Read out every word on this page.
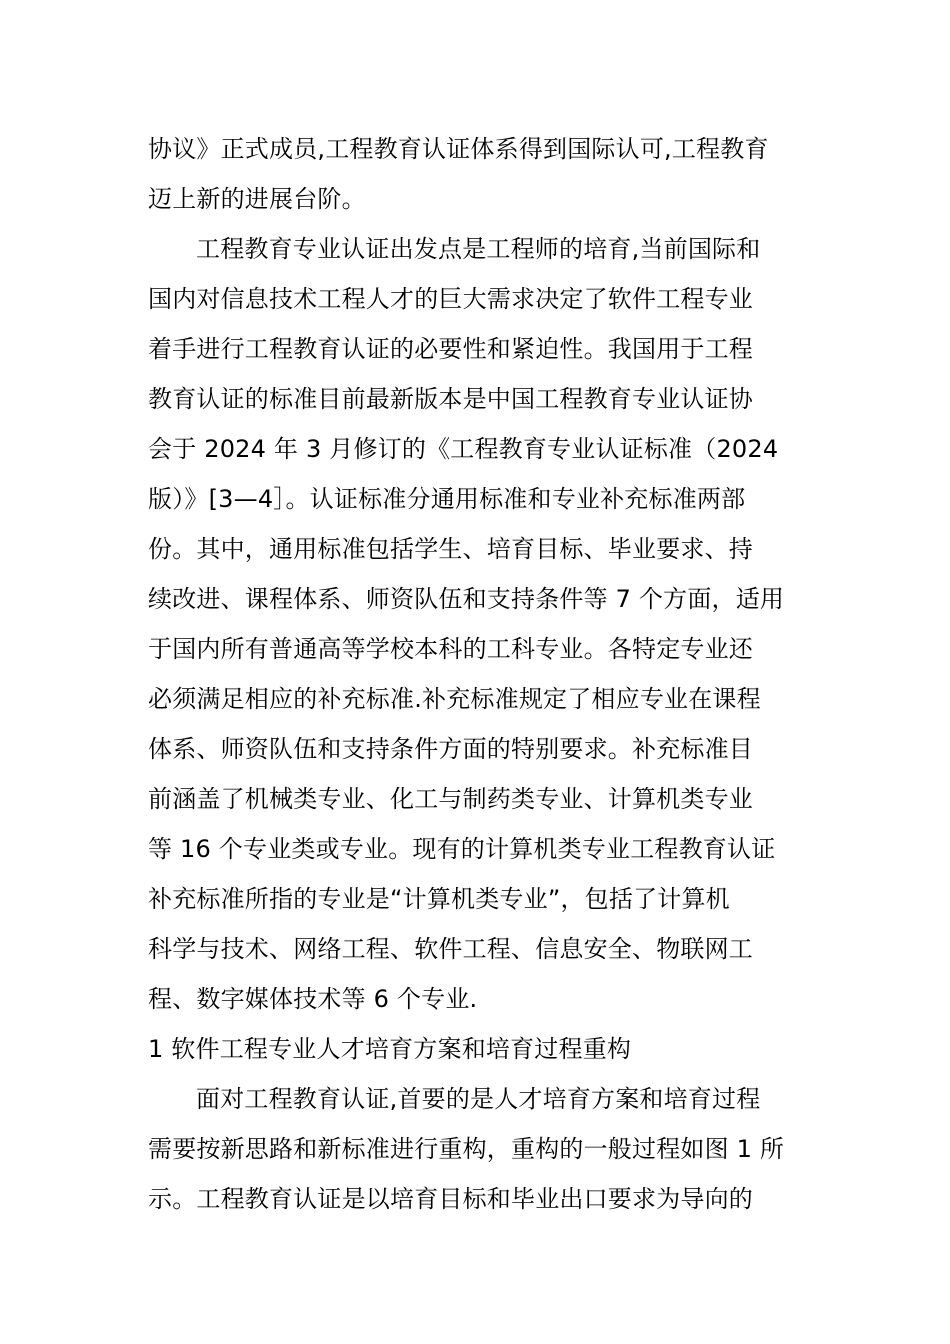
协议》正式成员,工程教育认证体系得到国际认可,工程教育
迈上新的进展台阶。
工程教育专业认证出发点是工程师的培育,当前国际和
国内对信息技术工程人才的巨大需求决定了软件工程专业
着手进行工程教育认证的必要性和紧迫性。我国用于工程
教育认证的标准目前最新版本是中国工程教育专业认证协
会于 2024 年 3 月修订的《工程教育专业认证标准（2024
版）》[3—4］。认证标准分通用标准和专业补充标准两部
份。其中，通用标准包括学生、培育目标、毕业要求、持
续改进、课程体系、师资队伍和支持条件等 7 个方面，适用
于国内所有普通高等学校本科的工科专业。各特定专业还
必须满足相应的补充标准.补充标准规定了相应专业在课程
体系、师资队伍和支持条件方面的特别要求。补充标准目
前涵盖了机械类专业、化工与制药类专业、计算机类专业
等 16 个专业类或专业。现有的计算机类专业工程教育认证
补充标准所指的专业是“计算机类专业”，包括了计算机
科学与技术、网络工程、软件工程、信息安全、物联网工
程、数字媒体技术等 6 个专业.
1 软件工程专业人才培育方案和培育过程重构
面对工程教育认证,首要的是人才培育方案和培育过程
需要按新思路和新标准进行重构，重构的一般过程如图 1 所
示。工程教育认证是以培育目标和毕业出口要求为导向的
